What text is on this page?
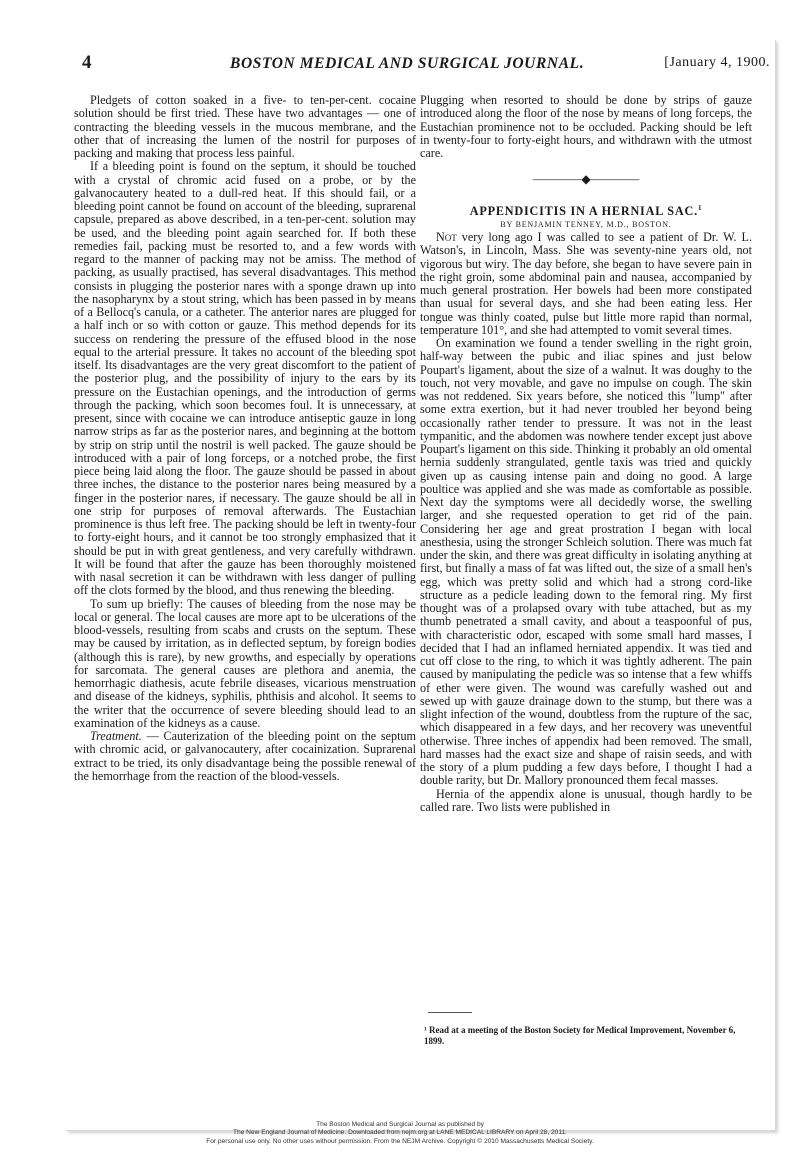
4	BOSTON MEDICAL AND SURGICAL JOURNAL.	[January 4, 1900.

Pledgets of cotton soaked in a five- to ten-per-cent. cocaine solution should be first tried. These have two advantages — one of contracting the bleeding vessels in the mucous membrane, and the other that of increasing the lumen of the nostril for purposes of packing and making that process less painful.

If a bleeding point is found on the septum, it should be touched with a crystal of chromic acid fused on a probe, or by the galvanocautery heated to a dull-red heat. If this should fail, or a bleeding point cannot be found on account of the bleeding, suprarenal capsule, prepared as above described, in a ten-per-cent. solution may be used, and the bleeding point again searched for. If both these remedies fail, packing must be resorted to, and a few words with regard to the manner of packing may not be amiss. The method of packing, as usually practised, has several disadvantages. This method consists in plugging the posterior nares with a sponge drawn up into the nasopharynx by a stout string, which has been passed in by means of a Bellocq's canula, or a catheter. The anterior nares are plugged for a half inch or so with cotton or gauze. This method depends for its success on rendering the pressure of the effused blood in the nose equal to the arterial pressure. It takes no account of the bleeding spot itself. Its disadvantages are the very great discomfort to the patient of the posterior plug, and the possibility of injury to the ears by its pressure on the Eustachian openings, and the introduction of germs through the packing, which soon becomes foul. It is unnecessary, at present, since with cocaine we can introduce antiseptic gauze in long narrow strips as far as the posterior nares, and beginning at the bottom by strip on strip until the nostril is well packed. The gauze should be introduced with a pair of long forceps, or a notched probe, the first piece being laid along the floor. The gauze should be passed in about three inches, the distance to the posterior nares being measured by a finger in the posterior nares, if necessary. The gauze should be all in one strip for purposes of removal afterwards. The Eustachian prominence is thus left free. The packing should be left in twenty-four to forty-eight hours, and it cannot be too strongly emphasized that it should be put in with great gentleness, and very carefully withdrawn. It will be found that after the gauze has been thoroughly moistened with nasal secretion it can be withdrawn with less danger of pulling off the clots formed by the blood, and thus renewing the bleeding.

To sum up briefly: The causes of bleeding from the nose may be local or general. The local causes are more apt to be ulcerations of the blood-vessels, resulting from scabs and crusts on the septum. These may be caused by irritation, as in deflected septum, by foreign bodies (although this is rare), by new growths, and especially by operations for sarcomata. The general causes are plethora and anemia, the hemorrhagic diathesis, acute febrile diseases, vicarious menstruation and disease of the kidneys, syphilis, phthisis and alcohol. It seems to the writer that the occurrence of severe bleeding should lead to an examination of the kidneys as a cause.

Treatment. — Cauterization of the bleeding point on the septum with chromic acid, or galvanocautery, after cocainization. Suprarenal extract to be tried, its only disadvantage being the possible renewal of the hemorrhage from the reaction of the blood-vessels.

Plugging when resorted to should be done by strips of gauze introduced along the floor of the nose by means of long forceps, the Eustachian prominence not to be occluded. Packing should be left in twenty-four to forty-eight hours, and withdrawn with the utmost care.

————◆————

APPENDICITIS IN A HERNIAL SAC.$^1$

BY BENJAMIN TENNEY, M.D., BOSTON.

Not very long ago I was called to see a patient of Dr. W. L. Watson's, in Lincoln, Mass. She was seventy-nine years old, not vigorous but wiry. The day before, she began to have severe pain in the right groin, some abdominal pain and nausea, accompanied by much general prostration. Her bowels had been more constipated than usual for several days, and she had been eating less. Her tongue was thinly coated, pulse but little more rapid than normal, temperature 101°, and she had attempted to vomit several times.

On examination we found a tender swelling in the right groin, half-way between the pubic and iliac spines and just below Poupart's ligament, about the size of a walnut. It was doughy to the touch, not very movable, and gave no impulse on cough. The skin was not reddened. Six years before, she noticed this "lump" after some extra exertion, but it had never troubled her beyond being occasionally rather tender to pressure. It was not in the least tympanitic, and the abdomen was nowhere tender except just above Poupart's ligament on this side. Thinking it probably an old omental hernia suddenly strangulated, gentle taxis was tried and quickly given up as causing intense pain and doing no good. A large poultice was applied and she was made as comfortable as possible. Next day the symptoms were all decidedly worse, the swelling larger, and she requested operation to get rid of the pain. Considering her age and great prostration I began with local anesthesia, using the stronger Schleich solution. There was much fat under the skin, and there was great difficulty in isolating anything at first, but finally a mass of fat was lifted out, the size of a small hen's egg, which was pretty solid and which had a strong cord-like structure as a pedicle leading down to the femoral ring. My first thought was of a prolapsed ovary with tube attached, but as my thumb penetrated a small cavity, and about a teaspoonful of pus, with characteristic odor, escaped with some small hard masses, I decided that I had an inflamed herniated appendix. It was tied and cut off close to the ring, to which it was tightly adherent. The pain caused by manipulating the pedicle was so intense that a few whiffs of ether were given. The wound was carefully washed out and sewed up with gauze drainage down to the stump, but there was a slight infection of the wound, doubtless from the rupture of the sac, which disappeared in a few days, and her recovery was uneventful otherwise. Three inches of appendix had been removed. The small, hard masses had the exact size and shape of raisin seeds, and with the story of a plum pudding a few days before, I thought I had a double rarity, but Dr. Mallory pronounced them fecal masses.

Hernia of the appendix alone is unusual, though hardly to be called rare. Two lists were published in

¹ Read at a meeting of the Boston Society for Medical Improvement, November 6, 1899.
The Boston Medical and Surgical Journal as published by
The New England Journal of Medicine. Downloaded from nejm.org at LANE MEDICAL LIBRARY on April 28, 2011.
For personal use only. No other uses without permission. From the NEJM Archive. Copyright © 2010 Massachusetts Medical Society.
